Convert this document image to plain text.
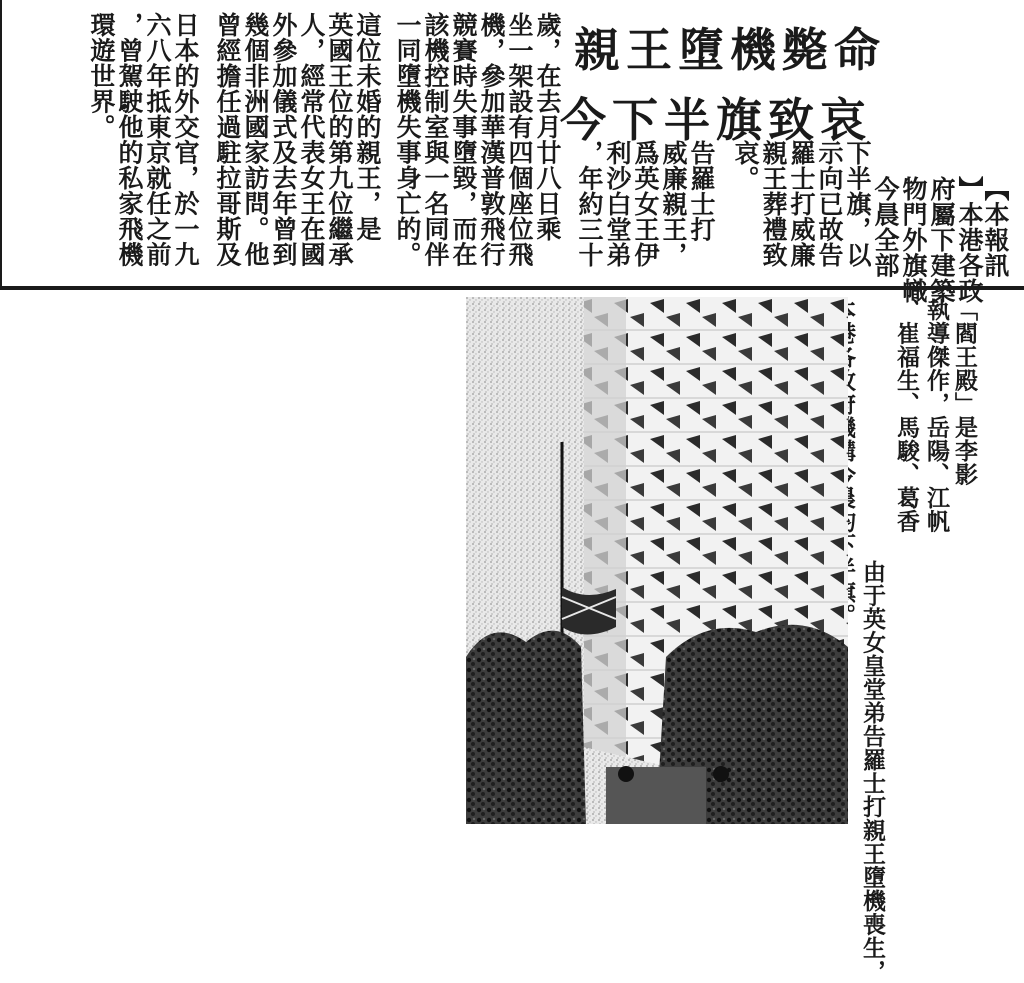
親王墮機斃命
今下半旗致哀
【本報訊
】本港各政
府屬下建築
物門外旗幟
今晨全部
下半旗，以
示向已故告
羅士打威廉
親王葬禮致
哀。
告羅士打
威廉親王，
爲英女王伊
利沙白堂弟
，年約三十
歲，在去月廿八日乘
坐一架設有四個座位飛
機，參加華漢普敦飛行
競賽時失事墮毀，而在
該機控制室與一名同伴
一同墮機失事身亡的。
這位未婚的親王，是
英國王位的第九位繼承
人，經常代表女王在國
外參加儀式及去年曾到
幾個非洲國家訪問。他
曾經擔任過駐拉哥斯及
日本的外交官，於一九
六八年抵東京就任之前
，曾駕駛他的私家飛機
環遊世界。
「閻王殿」是李影
執導傑作，岳陽、江帆
、崔福生、馬駿、葛香
由于英女皇堂弟告羅士打親王墮機喪生，
